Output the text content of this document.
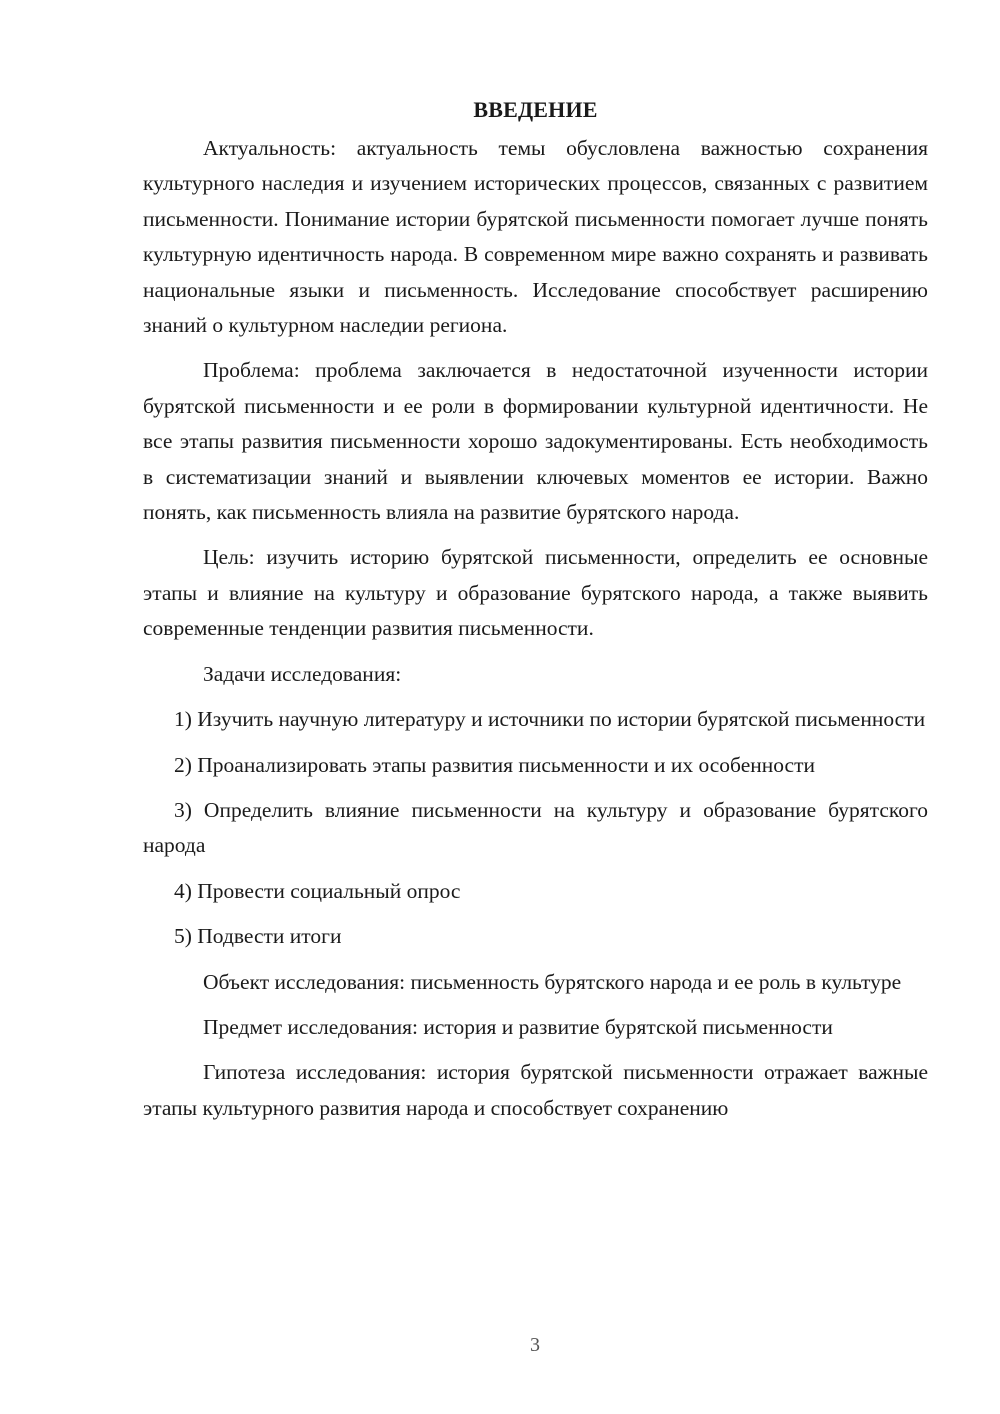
ВВЕДЕНИЕ

Актуальность: актуальность темы обусловлена важностью сохранения культурного наследия и изучением исторических процессов, связанных с развитием письменности. Понимание истории бурятской письменности помогает лучше понять культурную идентичность народа. В современном мире важно сохранять и развивать национальные языки и письменность. Исследование способствует расширению знаний о культурном наследии региона.

Проблема: проблема заключается в недостаточной изученности истории бурятской письменности и ее роли в формировании культурной идентичности. Не все этапы развития письменности хорошо задокументированы. Есть необходимость в систематизации знаний и выявлении ключевых моментов ее истории. Важно понять, как письменность влияла на развитие бурятского народа.

Цель: изучить историю бурятской письменности, определить ее основные этапы и влияние на культуру и образование бурятского народа, а также выявить современные тенденции развития письменности.

Задачи исследования:

1) Изучить научную литературу и источники по истории бурятской письменности

2) Проанализировать этапы развития письменности и их особенности

3) Определить влияние письменности на культуру и образование бурятского народа

4) Провести социальный опрос

5) Подвести итоги

Объект исследования: письменность бурятского народа и ее роль в культуре

Предмет исследования: история и развитие бурятской письменности

Гипотеза исследования: история бурятской письменности отражает важные этапы культурного развития народа и способствует сохранению

3
